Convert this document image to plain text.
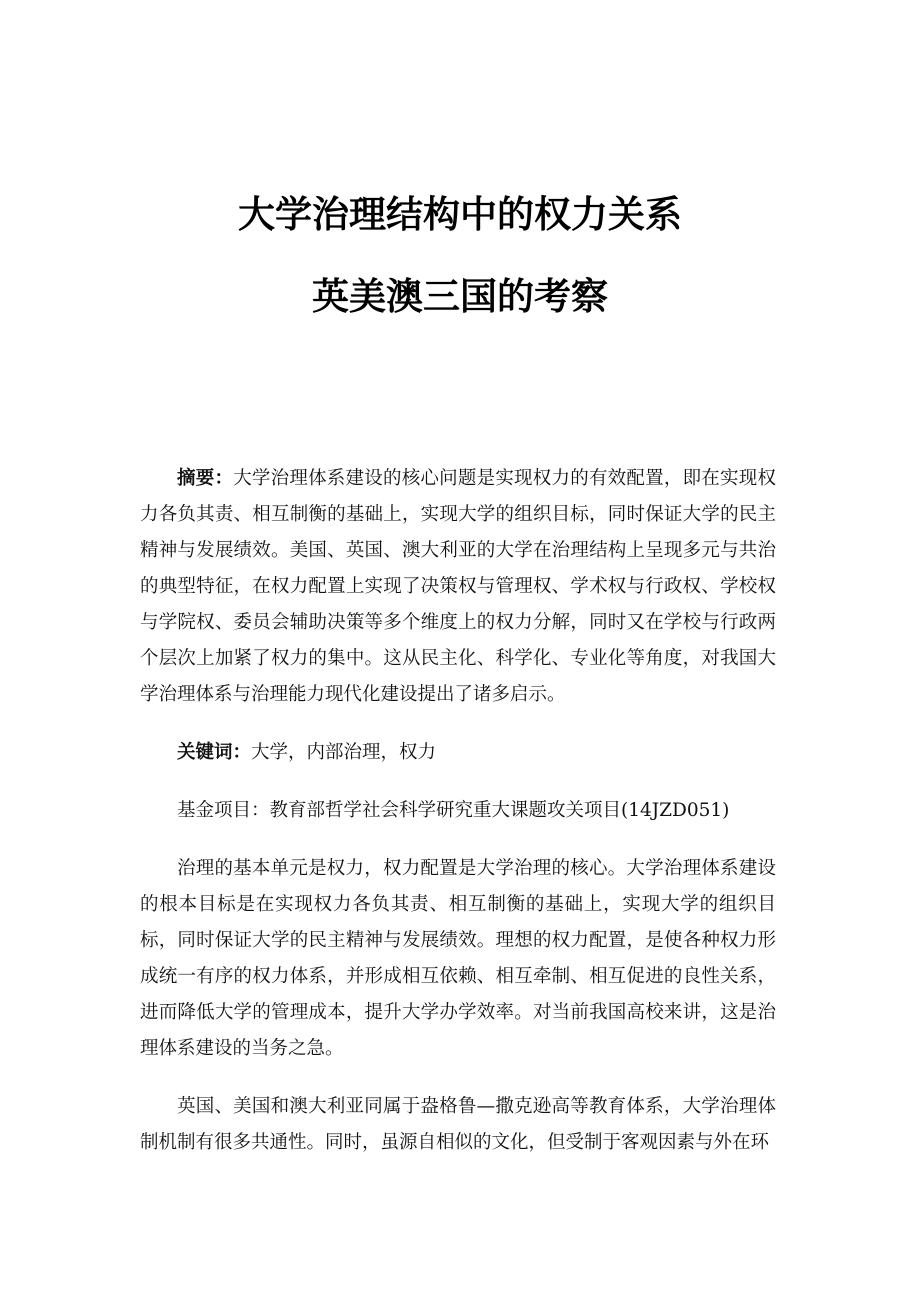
大学治理结构中的权力关系
英美澳三国的考察

摘要：大学治理体系建设的核心问题是实现权力的有效配置，即在实现权力各负其责、相互制衡的基础上，实现大学的组织目标，同时保证大学的民主精神与发展绩效。美国、英国、澳大利亚的大学在治理结构上呈现多元与共治的典型特征，在权力配置上实现了决策权与管理权、学术权与行政权、学校权与学院权、委员会辅助决策等多个维度上的权力分解，同时又在学校与行政两个层次上加紧了权力的集中。这从民主化、科学化、专业化等角度，对我国大学治理体系与治理能力现代化建设提出了诸多启示。

关键词：大学，内部治理，权力

基金项目：教育部哲学社会科学研究重大课题攻关项目(14JZD051)

治理的基本单元是权力，权力配置是大学治理的核心。大学治理体系建设的根本目标是在实现权力各负其责、相互制衡的基础上，实现大学的组织目标，同时保证大学的民主精神与发展绩效。理想的权力配置，是使各种权力形成统一有序的权力体系，并形成相互依赖、相互牵制、相互促进的良性关系，进而降低大学的管理成本，提升大学办学效率。对当前我国高校来讲，这是治理体系建设的当务之急。

英国、美国和澳大利亚同属于盎格鲁—撒克逊高等教育体系，大学治理体制机制有很多共通性。同时，虽源自相似的文化，但受制于客观因素与外在环
